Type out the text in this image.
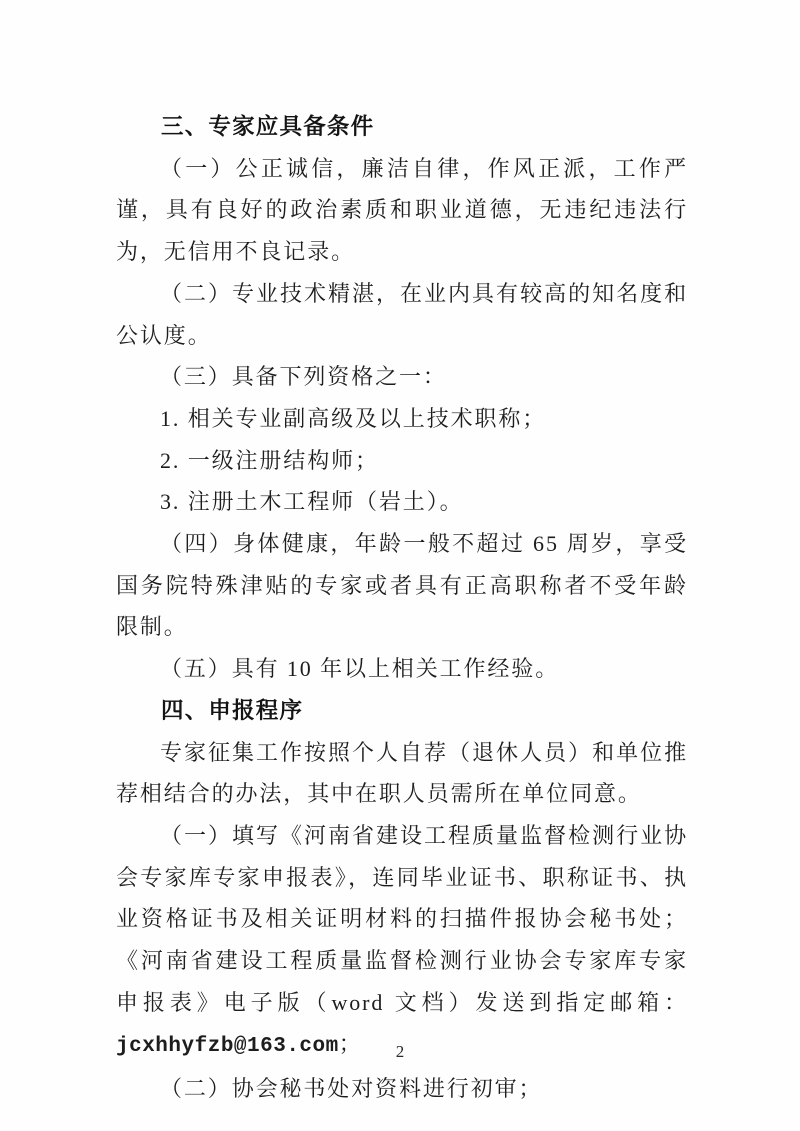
三、专家应具备条件

（一）公正诚信，廉洁自律，作风正派，工作严谨，具有良好的政治素质和职业道德，无违纪违法行为，无信用不良记录。

（二）专业技术精湛，在业内具有较高的知名度和公认度。

（三）具备下列资格之一：

1. 相关专业副高级及以上技术职称；

2. 一级注册结构师；

3. 注册土木工程师（岩土）。

（四）身体健康，年龄一般不超过 65 周岁，享受国务院特殊津贴的专家或者具有正高职称者不受年龄限制。

（五）具有 10 年以上相关工作经验。

四、申报程序

专家征集工作按照个人自荐（退休人员）和单位推荐相结合的办法，其中在职人员需所在单位同意。

（一）填写《河南省建设工程质量监督检测行业协会专家库专家申报表》，连同毕业证书、职称证书、执业资格证书及相关证明材料的扫描件报协会秘书处；《河南省建设工程质量监督检测行业协会专家库专家申报表》电子版（word 文档）发送到指定邮箱：jcxhhyfzb@163.com；

（二）协会秘书处对资料进行初审；

2
